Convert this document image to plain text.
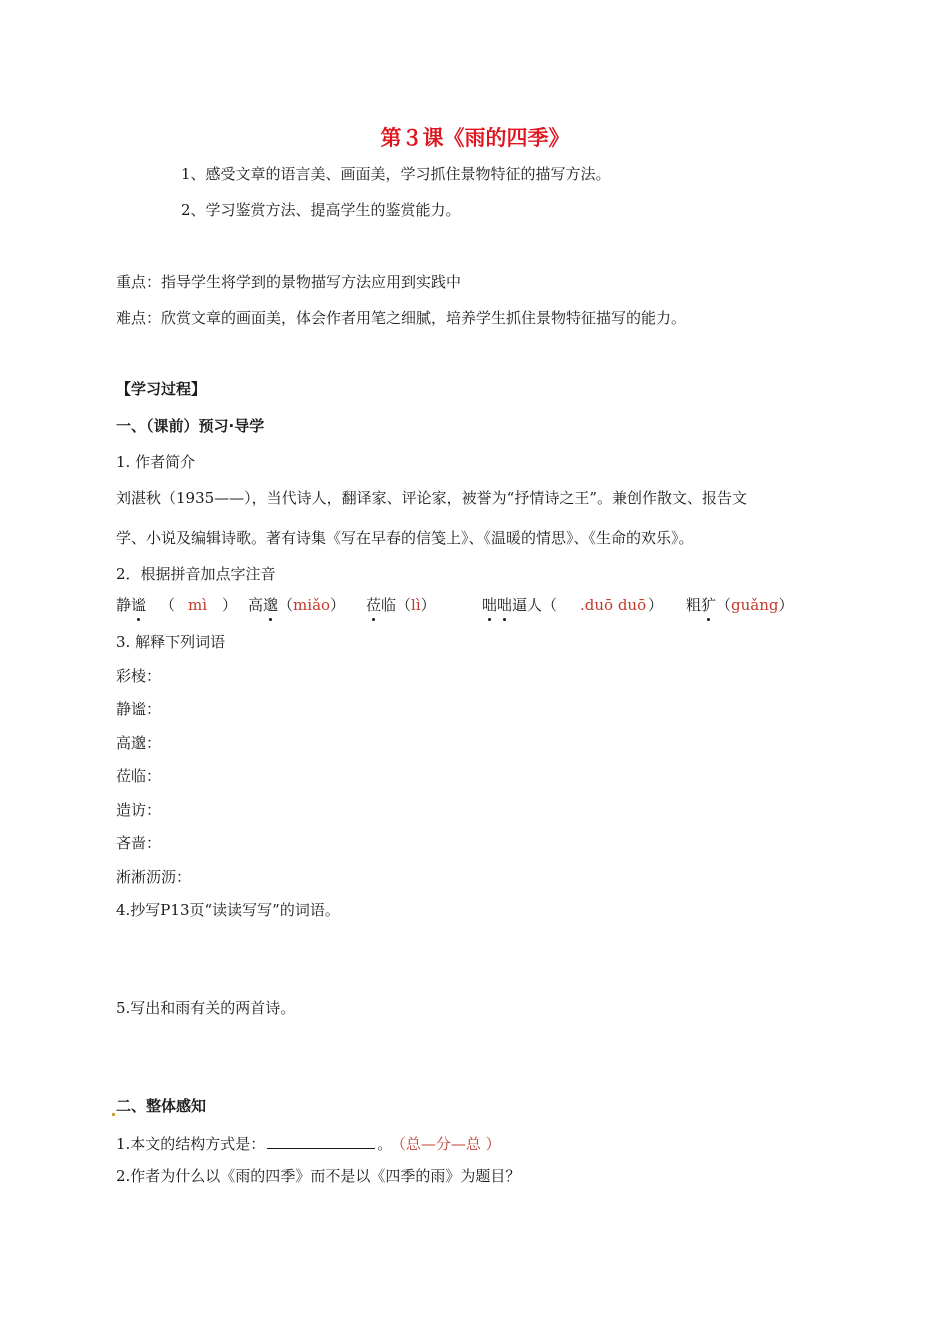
第３课《雨的四季》
1、感受文章的语言美、画面美，学习抓住景物特征的描写方法。
2、学习鉴赏方法、提高学生的鉴赏能力。
重点：指导学生将学到的景物描写方法应用到实践中
难点：欣赏文章的画面美，体会作者用笔之细腻，培养学生抓住景物特征描写的能力。
【学习过程】
一、（课前）预习·导学
1. 作者简介
刘湛秋（1935——），当代诗人，翻译家、评论家，被誉为“抒情诗之王”。兼创作散文、报告文
学、小说及编辑诗歌。著有诗集《写在早春的信笺上》、《温暖的情思》、《生命的欢乐》。
2．根据拼音加点字注音
静谧 （ mì ） 高邈（miǎo） 莅临（lì）	咄咄逼人（ .duō duō ） 粗犷（guǎng）
3. 解释下列词语
彩棱：
静谧：
高邈：
莅临：
造访：
吝啬：
淅淅沥沥：
4.抄写P13页“读读写写”的词语。
5.写出和雨有关的两首诗。
二、整体感知
1.本文的结构方式是：	。 （总—分—总 ）
2.作者为什么以《雨的四季》而不是以《四季的雨》为题目？
